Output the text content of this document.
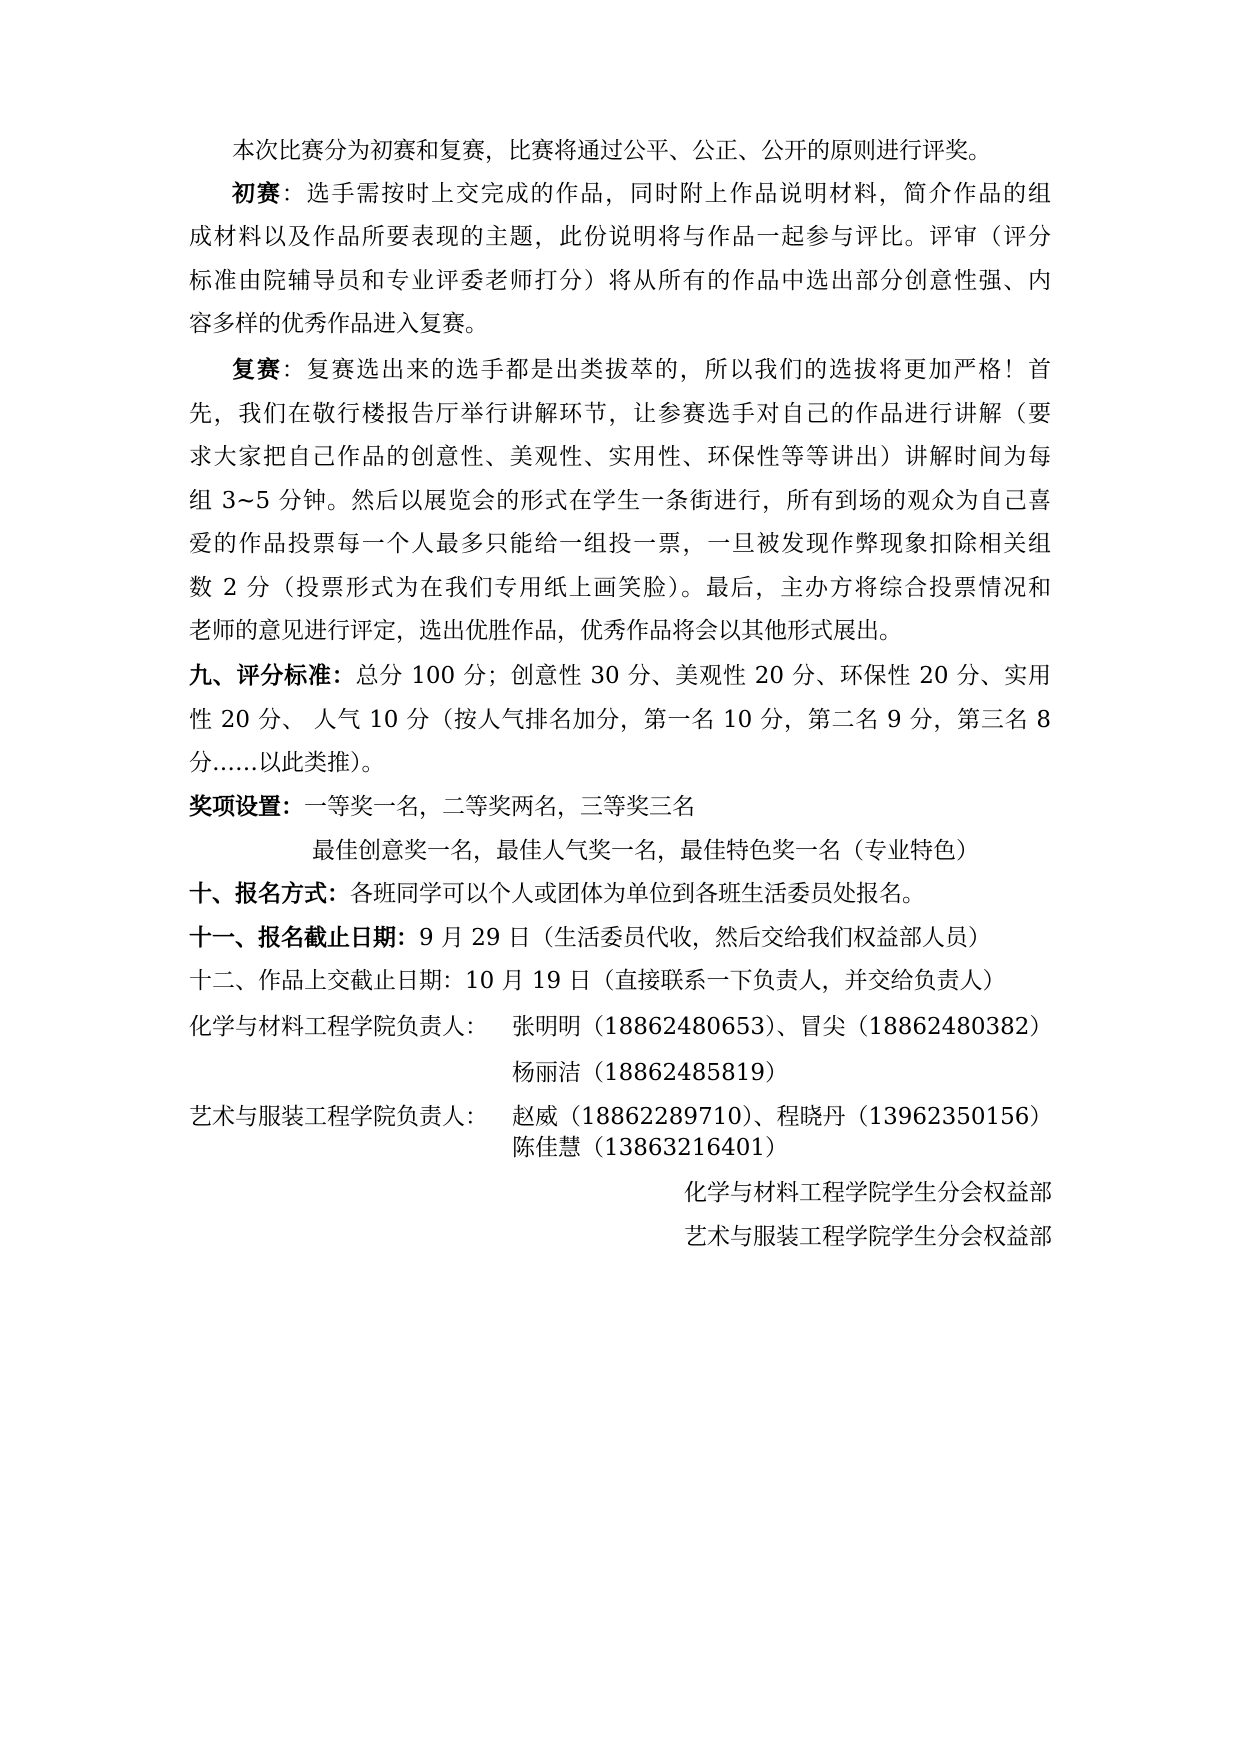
本次比赛分为初赛和复赛，比赛将通过公平、公正、公开的原则进行评奖。
初赛：选手需按时上交完成的作品，同时附上作品说明材料，简介作品的组
成材料以及作品所要表现的主题，此份说明将与作品一起参与评比。评审（评分
标准由院辅导员和专业评委老师打分）将从所有的作品中选出部分创意性强、内
容多样的优秀作品进入复赛。
复赛：复赛选出来的选手都是出类拔萃的，所以我们的选拔将更加严格！首
先，我们在敬行楼报告厅举行讲解环节，让参赛选手对自己的作品进行讲解（要
求大家把自己作品的创意性、美观性、实用性、环保性等等讲出）讲解时间为每
组 3~5 分钟。然后以展览会的形式在学生一条街进行，所有到场的观众为自己喜
爱的作品投票每一个人最多只能给一组投一票，一旦被发现作弊现象扣除相关组
数 2 分（投票形式为在我们专用纸上画笑脸）。最后，主办方将综合投票情况和
老师的意见进行评定，选出优胜作品，优秀作品将会以其他形式展出。
九、评分标准：总分 100 分；创意性 30 分、美观性 20 分、环保性 20 分、实用
性 20 分、 人气 10 分（按人气排名加分，第一名 10 分，第二名 9 分，第三名 8
分……以此类推）。
奖项设置：一等奖一名，二等奖两名，三等奖三名
最佳创意奖一名，最佳人气奖一名，最佳特色奖一名（专业特色）
十、报名方式：各班同学可以个人或团体为单位到各班生活委员处报名。
十一、报名截止日期：9 月 29 日（生活委员代收，然后交给我们权益部人员）
十二、作品上交截止日期：10 月 19 日（直接联系一下负责人，并交给负责人）
化学与材料工程学院负责人： 张明明（18862480653）、冒尖（18862480382）
杨丽洁（18862485819）
艺术与服装工程学院负责人： 赵威（18862289710）、程晓丹（13962350156）
陈佳慧（13863216401）
化学与材料工程学院学生分会权益部
艺术与服装工程学院学生分会权益部
